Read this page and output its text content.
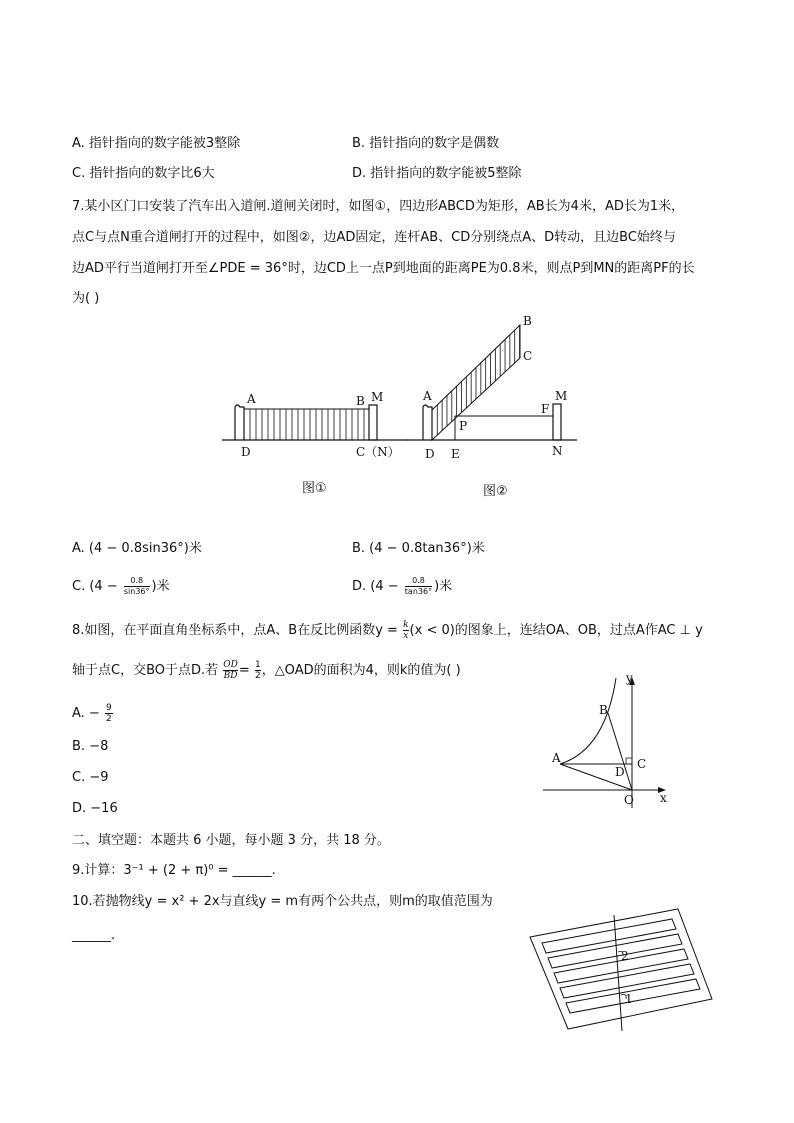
A. 指针指向的数字能被3整除	B. 指针指向的数字是偶数
C. 指针指向的数字比6大	D. 指针指向的数字能被5整除
7.某小区门口安装了汽车出入道闸.道闸关闭时，如图①，四边形ABCD为矩形，AB长为4米，AD长为1米，
点C与点N重合道闸打开的过程中，如图②，边AD固定，连杆AB、CD分别绕点A、D转动，且边BC始终与
边AD平行当道闸打开至∠PDE = 36°时，边CD上一点P到地面的距离PE为0.8米，则点P到MN的距离PF的长
为( )
A	B M
D	C（N）
图①
B
C
A	M
F
P
D E	N
图②
A. (4 − 0.8sin36°)米	B. (4 − 0.8tan36°)米
C. ($4 - \frac{0.8}{\sin 36^\circ}$ )米	D. ($4 - \frac{0.8}{\tan 36^\circ}$ )米
8.如图，在平面直角坐标系中，点A、B在反比例函数$y = \frac{k}{x} (x < 0)$的图象上，连结OA、OB，过点A作AC ⊥ y
轴于点C，交BO于点D.若 $\frac{OD}{BD} = \frac{1}{2}$ ，△OAD的面积为4，则k的值为( )
A. − $\frac{9}{2}$
B. −8
C. −9
D. −16
y
x
B
A	C
D
O
二、填空题：本题共 6 小题，每小题 3 分，共 18 分。
9.计算：3⁻¹ + (2 + π)⁰ = ______.
10.若抛物线y = x² + 2x与直线y = m有两个公共点，则m的取值范围为
______.
2
1
